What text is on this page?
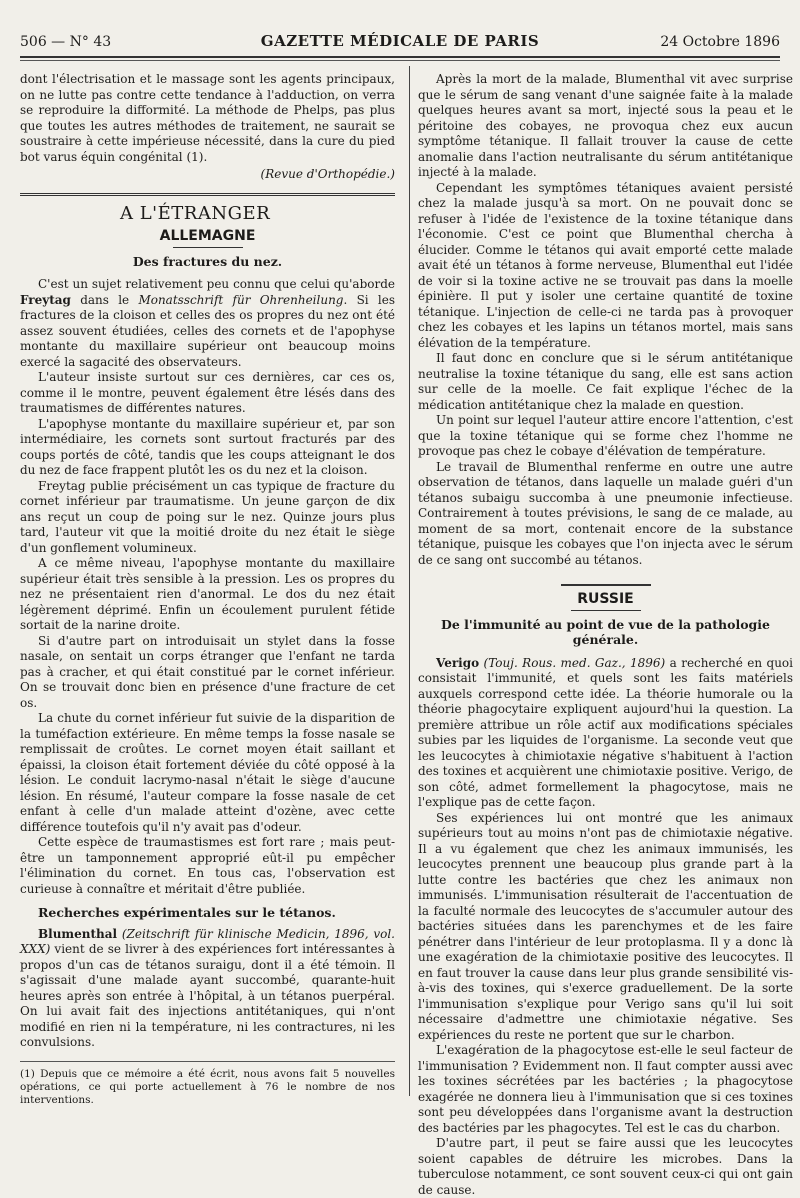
506 — N° 43	GAZETTE MÉDICALE DE PARIS	24 Octobre 1896

dont l'électrisation et le massage sont les agents principaux, on ne lutte pas contre cette tendance à l'adduction, on verra se reproduire la difformité. La méthode de Phelps, pas plus que toutes les autres méthodes de traitement, ne saurait se soustraire à cette impérieuse nécessité, dans la cure du pied bot varus équin congénital (1).

(Revue d'Orthopédie.)
A L'ÉTRANGER
ALLEMAGNE
Des fractures du nez.

C'est un sujet relativement peu connu que celui qu'aborde Freytag dans le Monatsschrift für Ohrenheilung. Si les fractures de la cloison et celles des os propres du nez ont été assez souvent étudiées, celles des cornets et de l'apophyse montante du maxillaire supérieur ont beaucoup moins exercé la sagacité des observateurs.

L'auteur insiste surtout sur ces dernières, car ces os, comme il le montre, peuvent également être lésés dans des traumatismes de différentes natures.

L'apophyse montante du maxillaire supérieur et, par son intermédiaire, les cornets sont surtout fracturés par des coups portés de côté, tandis que les coups atteignant le dos du nez de face frappent plutôt les os du nez et la cloison.

Freytag publie précisément un cas typique de fracture du cornet inférieur par traumatisme. Un jeune garçon de dix ans reçut un coup de poing sur le nez. Quinze jours plus tard, l'auteur vit que la moitié droite du nez était le siège d'un gonflement volumineux.

A ce même niveau, l'apophyse montante du maxillaire supérieur était très sensible à la pression. Les os propres du nez ne présentaient rien d'anormal. Le dos du nez était légèrement déprimé. Enfin un écoulement purulent fétide sortait de la narine droite.

Si d'autre part on introduisait un stylet dans la fosse nasale, on sentait un corps étranger que l'enfant ne tarda pas à cracher, et qui était constitué par le cornet inférieur. On se trouvait donc bien en présence d'une fracture de cet os.

La chute du cornet inférieur fut suivie de la disparition de la tuméfaction extérieure. En même temps la fosse nasale se remplissait de croûtes. Le cornet moyen était saillant et épaissi, la cloison était fortement déviée du côté opposé à la lésion. Le conduit lacrymo-nasal n'était le siège d'aucune lésion. En résumé, l'auteur compare la fosse nasale de cet enfant à celle d'un malade atteint d'ozène, avec cette différence toutefois qu'il n'y avait pas d'odeur.

Cette espèce de traumastismes est fort rare ; mais peut-être un tamponnement approprié eût-il pu empêcher l'élimination du cornet. En tous cas, l'observation est curieuse à connaître et méritait d'être publiée.

Recherches expérimentales sur le tétanos.

Blumenthal (Zeitschrift für klinische Medicin, 1896, vol. XXX) vient de se livrer à des expériences fort intéressantes à propos d'un cas de tétanos suraigu, dont il a été témoin. Il s'agissait d'une malade ayant succombé, quarante-huit heures après son entrée à l'hôpital, à un tétanos puerpéral. On lui avait fait des injections antitétaniques, qui n'ont modifié en rien ni la température, ni les contractures, ni les convulsions.

(1) Depuis que ce mémoire a été écrit, nous avons fait 5 nouvelles opérations, ce qui porte actuellement à 76 le nombre de nos interventions.

Après la mort de la malade, Blumenthal vit avec surprise que le sérum de sang venant d'une saignée faite à la malade quelques heures avant sa mort, injecté sous la peau et le péritoine des cobayes, ne provoqua chez eux aucun symptôme tétanique. Il fallait trouver la cause de cette anomalie dans l'action neutralisante du sérum antitétanique injecté à la malade.

Cependant les symptômes tétaniques avaient persisté chez la malade jusqu'à sa mort. On ne pouvait donc se refuser à l'idée de l'existence de la toxine tétanique dans l'économie. C'est ce point que Blumenthal chercha à élucider. Comme le tétanos qui avait emporté cette malade avait été un tétanos à forme nerveuse, Blumenthal eut l'idée de voir si la toxine active ne se trouvait pas dans la moelle épinière. Il put y isoler une certaine quantité de toxine tétanique. L'injection de celle-ci ne tarda pas à provoquer chez les cobayes et les lapins un tétanos mortel, mais sans élévation de la température.

Il faut donc en conclure que si le sérum antitétanique neutralise la toxine tétanique du sang, elle est sans action sur celle de la moelle. Ce fait explique l'échec de la médication antitétanique chez la malade en question.

Un point sur lequel l'auteur attire encore l'attention, c'est que la toxine tétanique qui se forme chez l'homme ne provoque pas chez le cobaye d'élévation de température.

Le travail de Blumenthal renferme en outre une autre observation de tétanos, dans laquelle un malade guéri d'un tétanos subaigu succomba à une pneumonie infectieuse. Contrairement à toutes prévisions, le sang de ce malade, au moment de sa mort, contenait encore de la substance tétanique, puisque les cobayes que l'on injecta avec le sérum de ce sang ont succombé au tétanos.

RUSSIE
De l'immunité au point de vue de la pathologie générale.

Verigo (Touj. Rous. med. Gaz., 1896) a recherché en quoi consistait l'immunité, et quels sont les faits matériels auxquels correspond cette idée. La théorie humorale ou la théorie phagocytaire expliquent aujourd'hui la question. La première attribue un rôle actif aux modifications spéciales subies par les liquides de l'organisme. La seconde veut que les leucocytes à chimiotaxie négative s'habituent à l'action des toxines et acquièrent une chimiotaxie positive. Verigo, de son côté, admet formellement la phagocytose, mais ne l'explique pas de cette façon.

Ses expériences lui ont montré que les animaux supérieurs tout au moins n'ont pas de chimiotaxie négative. Il a vu également que chez les animaux immunisés, les leucocytes prennent une beaucoup plus grande part à la lutte contre les bactéries que chez les animaux non immunisés. L'immunisation résulterait de l'accentuation de la faculté normale des leucocytes de s'accumuler autour des bactéries situées dans les parenchymes et de les faire pénétrer dans l'intérieur de leur protoplasma. Il y a donc là une exagération de la chimiotaxie positive des leucocytes. Il en faut trouver la cause dans leur plus grande sensibilité vis-à-vis des toxines, qui s'exerce graduellement. De la sorte l'immunisation s'explique pour Verigo sans qu'il lui soit nécessaire d'admettre une chimiotaxie négative. Ses expériences du reste ne portent que sur le charbon.

L'exagération de la phagocytose est-elle le seul facteur de l'immunisation ? Evidemment non. Il faut compter aussi avec les toxines sécrétées par les bactéries ; la phagocytose exagérée ne donnera lieu à l'immunisation que si ces toxines sont peu développées dans l'organisme avant la destruction des bactéries par les phagocytes. Tel est le cas du charbon.

D'autre part, il peut se faire aussi que les leucocytes soient capables de détruire les microbes. Dans la tuberculose notamment, ce sont souvent ceux-ci qui ont gain de cause.
